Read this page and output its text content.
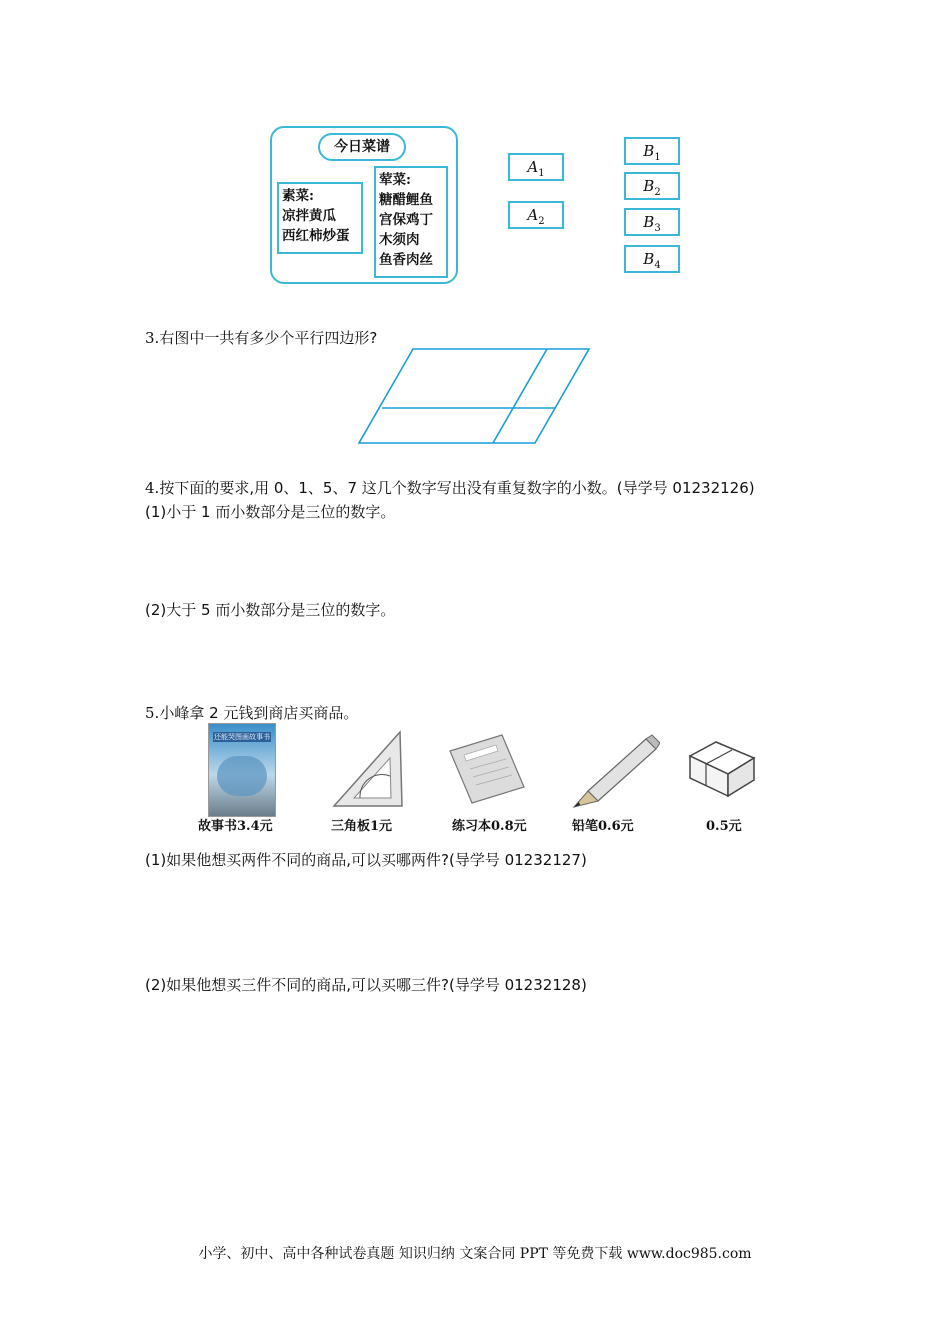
今日菜谱
素菜:
凉拌黄瓜
西红柿炒蛋
荤菜:
糖醋鲤鱼
宫保鸡丁
木须肉
鱼香肉丝
$A_1$
$A_2$
$B_1$
$B_2$
$B_3$
$B_4$
3.右图中一共有多少个平行四边形?
4.按下面的要求,用 0、1、5、7 这几个数字写出没有重复数字的小数。(导学号 01232126)
(1)小于 1 而小数部分是三位的数字。
(2)大于 5 而小数部分是三位的数字。
5.小峰拿 2 元钱到商店买商品。
还能哭图画故事书
故事书3.4元	三角板1元	练习本0.8元	铅笔0.6元	0.5元
(1)如果他想买两件不同的商品,可以买哪两件?(导学号 01232127)
(2)如果他想买三件不同的商品,可以买哪三件?(导学号 01232128)
小学、初中、高中各种试卷真题 知识归纳 文案合同 PPT 等免费下载 www.doc985.com
